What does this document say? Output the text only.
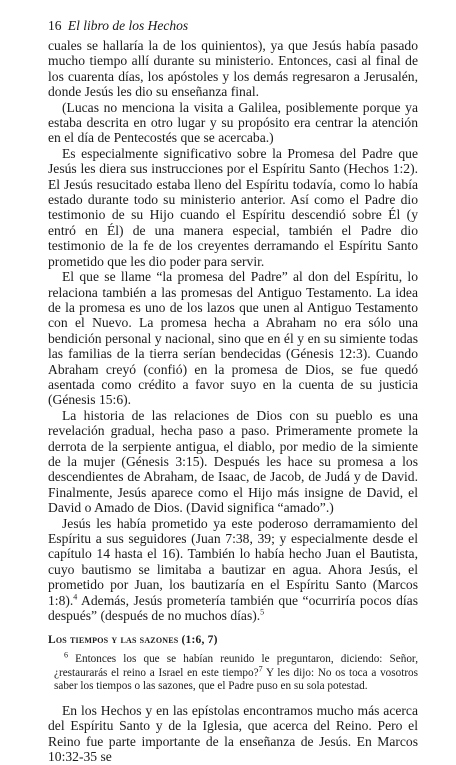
16 El libro de los Hechos

cuales se hallaría la de los quinientos), ya que Jesús había pasado mucho tiempo allí durante su ministerio. Entonces, casi al final de los cuarenta días, los apóstoles y los demás regresaron a Jerusalén, donde Jesús les dio su enseñanza final.

(Lucas no menciona la visita a Galilea, posiblemente porque ya estaba descrita en otro lugar y su propósito era centrar la atención en el día de Pentecostés que se acercaba.)

Es especialmente significativo sobre la Promesa del Padre que Jesús les diera sus instrucciones por el Espíritu Santo (Hechos 1:2). El Jesús resucitado estaba lleno del Espíritu todavía, como lo había estado durante todo su ministerio anterior. Así como el Padre dio testimonio de su Hijo cuando el Espíritu descendió sobre Él (y entró en Él) de una manera especial, también el Padre dio testimonio de la fe de los creyentes derramando el Espíritu Santo prometido que les dio poder para servir.

El que se llame “la promesa del Padre” al don del Espíritu, lo relaciona también a las promesas del Antiguo Testamento. La idea de la promesa es uno de los lazos que unen al Antiguo Testamento con el Nuevo. La promesa hecha a Abraham no era sólo una bendición personal y nacional, sino que en él y en su simiente todas las familias de la tierra serían bendecidas (Génesis 12:3). Cuando Abraham creyó (confió) en la promesa de Dios, se fue quedó asentada como crédito a favor suyo en la cuenta de su justicia (Génesis 15:6).

La historia de las relaciones de Dios con su pueblo es una revelación gradual, hecha paso a paso. Primeramente promete la derrota de la serpiente antigua, el diablo, por medio de la simiente de la mujer (Génesis 3:15). Después les hace su promesa a los descendientes de Abraham, de Isaac, de Jacob, de Judá y de David. Finalmente, Jesús aparece como el Hijo más insigne de David, el David o Amado de Dios. (David significa “amado”.)

Jesús les había prometido ya este poderoso derramamiento del Espíritu a sus seguidores (Juan 7:38, 39; y especialmente desde el capítulo 14 hasta el 16). También lo había hecho Juan el Bautista, cuyo bautismo se limitaba a bautizar en agua. Ahora Jesús, el prometido por Juan, los bautizaría en el Espíritu Santo (Marcos 1:8).$^4$ Además, Jesús prometería también que “ocurriría pocos días después” (después de no muchos días).$^5$

Los tiempos y las sazones (1:6, 7)

$^6$ Entonces los que se habían reunido le preguntaron, diciendo: Señor, ¿restaurarás el reino a Israel en este tiempo?$^7$ Y les dijo: No os toca a vosotros saber los tiempos o las sazones, que el Padre puso en su sola potestad.

En los Hechos y en las epístolas encontramos mucho más acerca del Espíritu Santo y de la Iglesia, que acerca del Reino. Pero el Reino fue parte importante de la enseñanza de Jesús. En Marcos 10:32-35 se
